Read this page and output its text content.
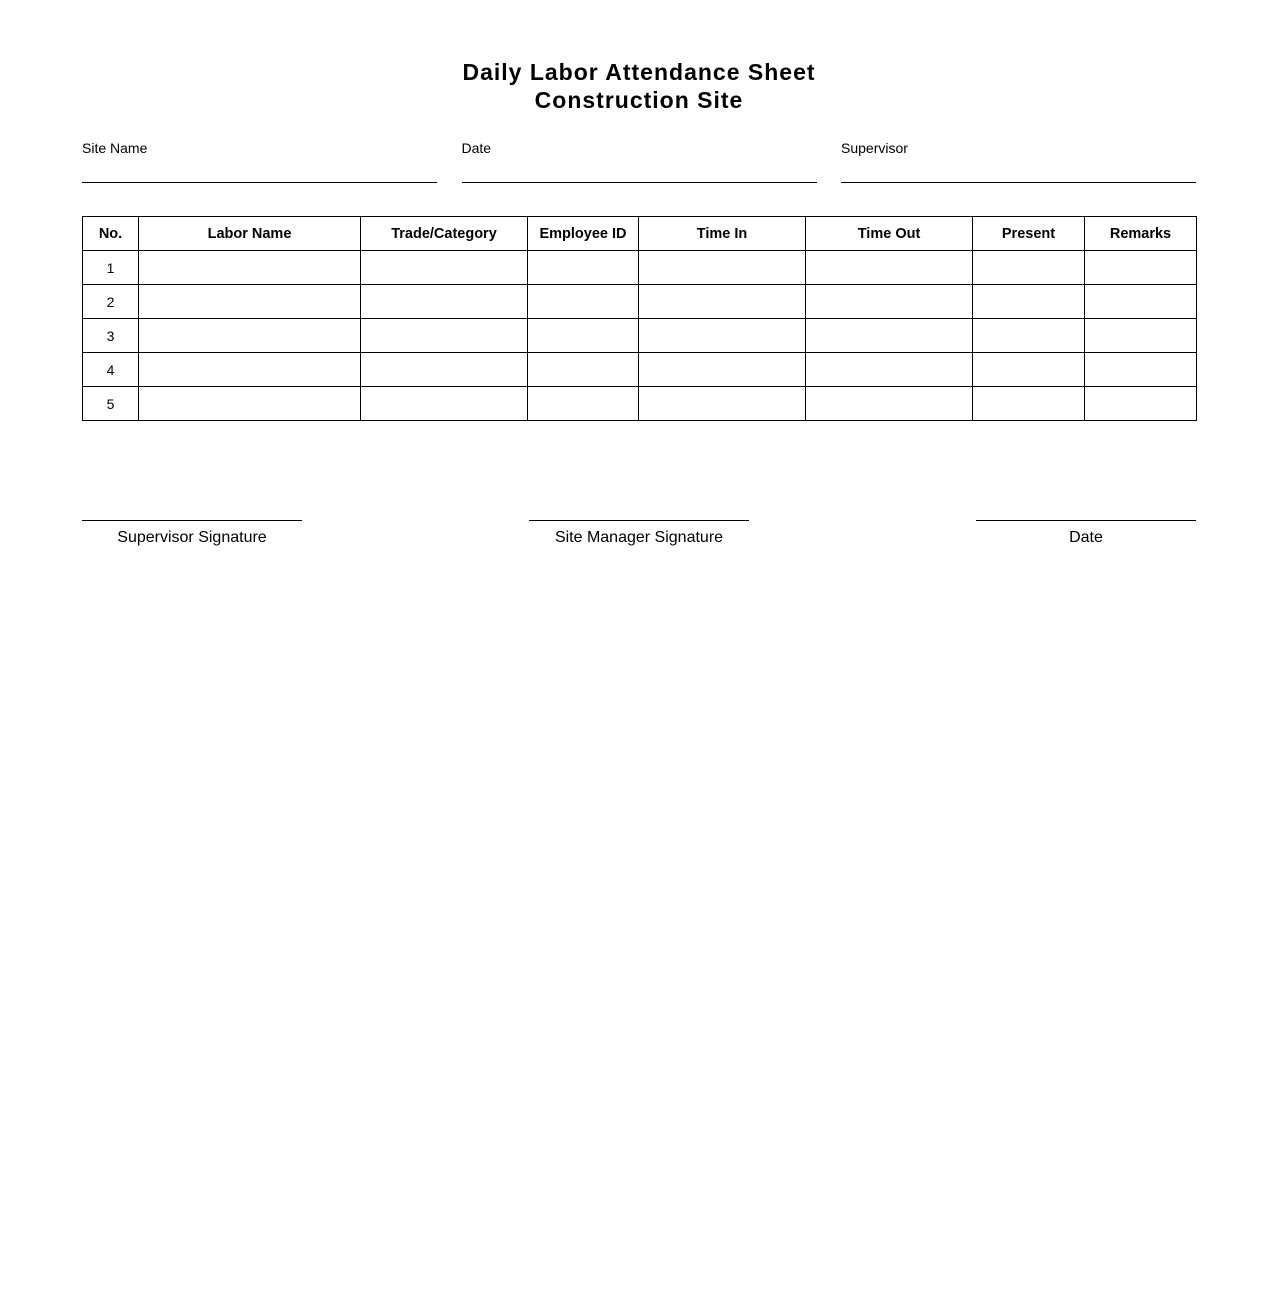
Daily Labor Attendance Sheet
Construction Site
Site Name	Date	Supervisor
No.	Labor Name	Trade/Category	Employee ID	Time In	Time Out	Present	Remarks
1							
2							
3							
4							
5							
Supervisor Signature	Site Manager Signature	Date
